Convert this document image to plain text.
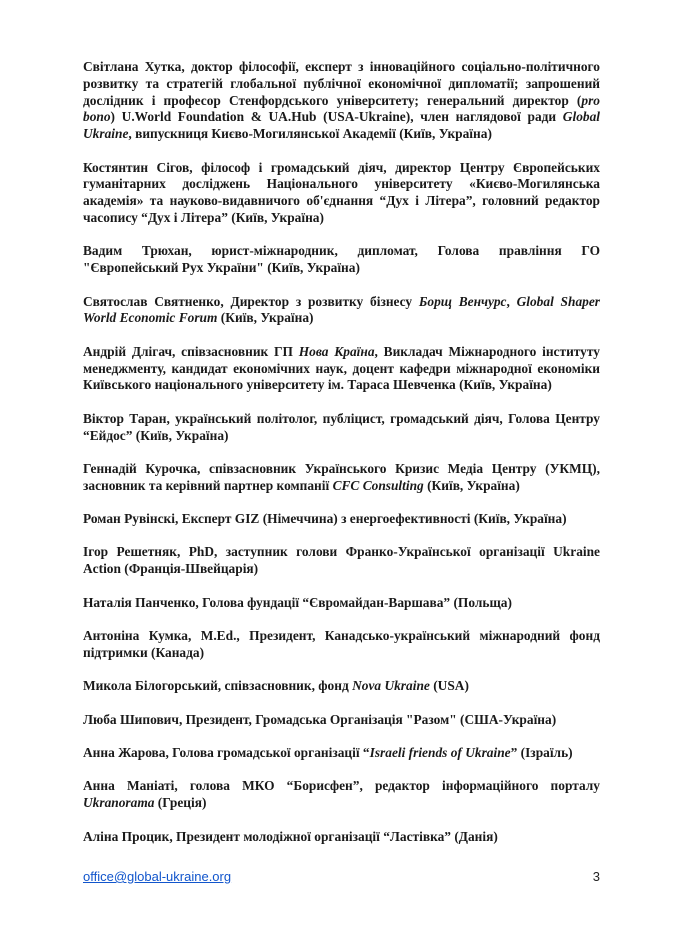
Світлана Хутка, доктор філософії, експерт з інноваційного соціально-політичного розвитку та стратегій глобальної публічної економічної дипломатії; запрошений дослідник і професор Стенфордського університету; генеральний директор (pro bono) U.World Foundation & UA.Hub (USA-Ukraine), член наглядової ради Global Ukraine, випускниця Києво-Могилянської Академії (Київ, Україна)

Костянтин Сігов, філософ і громадський діяч, директор Центру Європейських гуманітарних досліджень Національного університету «Києво-Могилянська академія» та науково-видавничого об'єднання “Дух і Літера”, головний редактор часопису “Дух і Літера” (Київ, Україна)

Вадим Трюхан, юрист-міжнародник, дипломат, Голова правління ГО "Європейський Рух України" (Київ, Україна)

Святослав Святненко, Директор з розвитку бізнесу Борщ Венчурс, Global Shaper World Economic Forum (Київ, Україна)

Андрій Длігач, співзасновник ГП Нова Країна, Викладач Міжнародного інституту менеджменту, кандидат економічних наук, доцент кафедри міжнародної економіки Київського національного університету ім. Тараса Шевченка (Київ, Україна)

Віктор Таран, український політолог, публіцист, громадський діяч, Голова Центру “Ейдос” (Київ, Україна)

Геннадій Курочка, співзасновник Українського Кризис Медіа Центру (УКМЦ), засновник та керівний партнер компанії CFC Consulting (Київ, Україна)

Роман Рувінскі, Експерт GIZ (Німеччина) з енергоефективності (Київ, Україна)

Ігор Решетняк, PhD, заступник голови Франко-Української організації Ukraine Action (Франція-Швейцарія)

Наталія Панченко, Голова фундації “Євромайдан-Варшава” (Польща)

Антоніна Кумка, M.Ed., Президент, Канадсько-український міжнародний фонд підтримки (Канада)

Микола Білогорський, співзасновник, фонд Nova Ukraine (USA)

Люба Шипович, Президент, Громадська Організація "Разом" (США-Україна)

Анна Жарова, Голова громадської організації “Israeli friends of Ukraine” (Ізраїль)

Анна Маніаті, голова МКО “Борисфен”, редактор інформаційного порталу Ukranorama (Греція)

Аліна Процик, Президент молодіжної організації “Ластівка” (Данія)

office@global-ukraine.org	3
